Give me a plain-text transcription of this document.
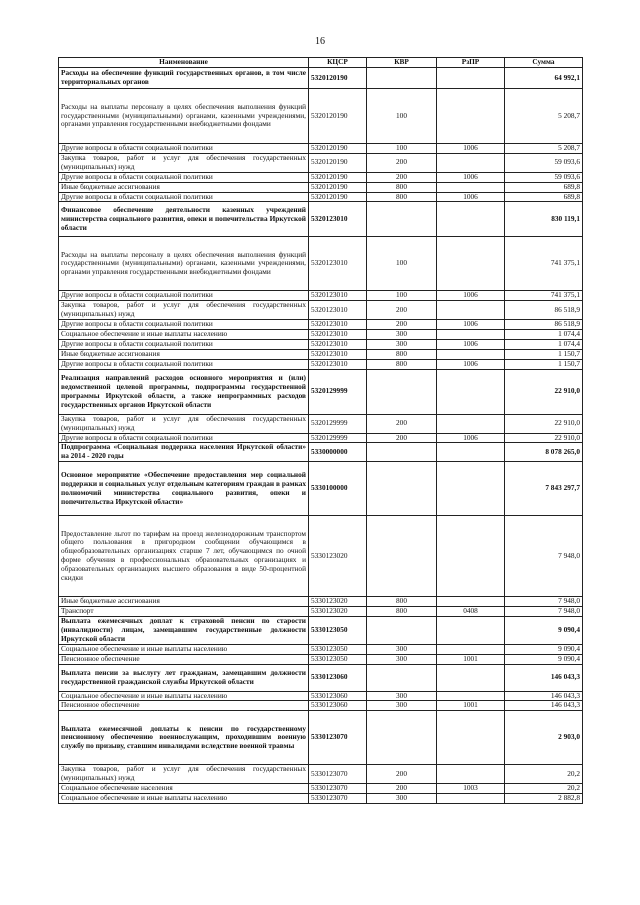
16
Наименование	КЦСР	КВР	РзПР	Сумма
Расходы на обеспечение функций государственных органов, в том числе территориальных органов	5320120190			64 992,1
Расходы на выплаты персоналу в целях обеспечения выполнения функций государственными (муниципальными) органами, казенными учреждениями, органами управления государственными внебюджетными фондами	5320120190	100		5 208,7
Другие вопросы в области социальной политики	5320120190	100	1006	5 208,7
Закупка товаров, работ и услуг для обеспечения государственных (муниципальных) нужд	5320120190	200		59 093,6
Другие вопросы в области социальной политики	5320120190	200	1006	59 093,6
Иные бюджетные ассигнования	5320120190	800		689,8
Другие вопросы в области социальной политики	5320120190	800	1006	689,8
Финансовое обеспечение деятельности казенных учреждений министерства социального развития, опеки и попечительства Иркутской области	5320123010			830 119,1
Расходы на выплаты персоналу в целях обеспечения выполнения функций государственными (муниципальными) органами, казенными учреждениями, органами управления государственными внебюджетными фондами	5320123010	100		741 375,1
Другие вопросы в области социальной политики	5320123010	100	1006	741 375,1
Закупка товаров, работ и услуг для обеспечения государственных (муниципальных) нужд	5320123010	200		86 518,9
Другие вопросы в области социальной политики	5320123010	200	1006	86 518,9
Социальное обеспечение и иные выплаты населению	5320123010	300		1 074,4
Другие вопросы в области социальной политики	5320123010	300	1006	1 074,4
Иные бюджетные ассигнования	5320123010	800		1 150,7
Другие вопросы в области социальной политики	5320123010	800	1006	1 150,7
Реализация направлений расходов основного мероприятия и (или) ведомственной целевой программы, подпрограммы государственной программы Иркутской области, а также непрограммных расходов государственных органов Иркутской области	5320129999			22 910,0
Закупка товаров, работ и услуг для обеспечения государственных (муниципальных) нужд	5320129999	200		22 910,0
Другие вопросы в области социальной политики	5320129999	200	1006	22 910,0
Подпрограмма «Социальная поддержка населения Иркутской области» на 2014 - 2020 годы	5330000000			8 078 265,0
Основное мероприятие «Обеспечение предоставления мер социальной поддержки и социальных услуг отдельным категориям граждан в рамках полномочий министерства социального развития, опеки и попечительства Иркутской области»	5330100000			7 843 297,7
Предоставление льгот по тарифам на проезд железнодорожным транспортом общего пользования в пригородном сообщении обучающимся в общеобразовательных организациях старше 7 лет, обучающимся по очной форме обучения в профессиональных образовательных организациях и образовательных организациях высшего образования в виде 50-процентной скидки	5330123020			7 948,0
Иные бюджетные ассигнования	5330123020	800		7 948,0
Транспорт	5330123020	800	0408	7 948,0
Выплата ежемесячных доплат к страховой пенсии по старости (инвалидности) лицам, замещавшим государственные должности Иркутской области	5330123050			9 090,4
Социальное обеспечение и иные выплаты населению	5330123050	300		9 090,4
Пенсионное обеспечение	5330123050	300	1001	9 090,4
Выплата пенсии за выслугу лет гражданам, замещавшим должности государственной гражданской службы Иркутской области	5330123060			146 043,3
Социальное обеспечение и иные выплаты населению	5330123060	300		146 043,3
Пенсионное обеспечение	5330123060	300	1001	146 043,3
Выплата ежемесячной доплаты к пенсии по государственному пенсионному обеспечению военнослужащим, проходившим военную службу по призыву, ставшим инвалидами вследствие военной травмы	5330123070			2 903,0
Закупка товаров, работ и услуг для обеспечения государственных (муниципальных) нужд	5330123070	200		20,2
Социальное обеспечение населения	5330123070	200	1003	20,2
Социальное обеспечение и иные выплаты населению	5330123070	300		2 882,8
